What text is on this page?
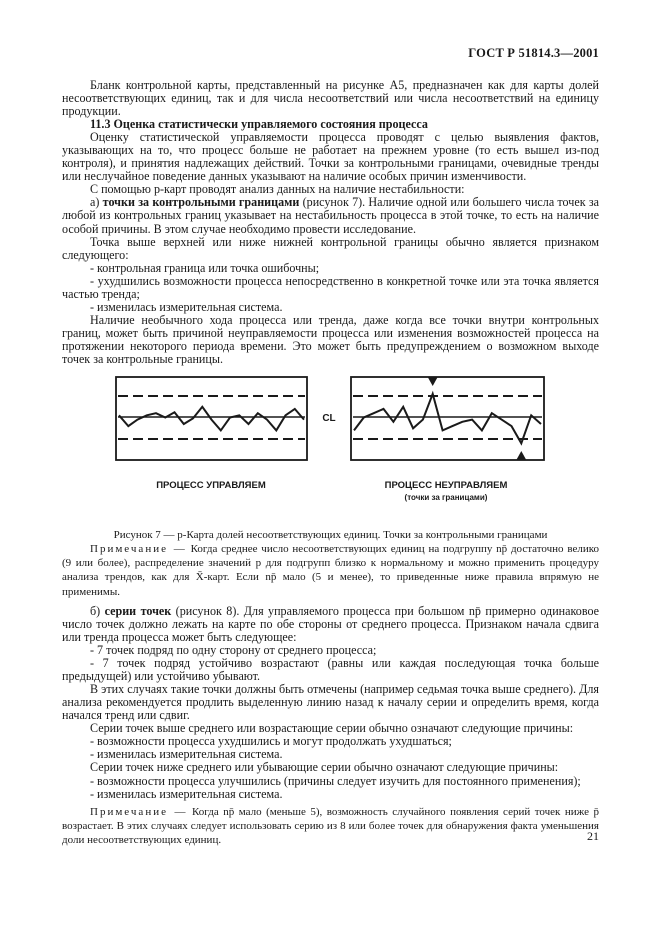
ГОСТ Р 51814.3—2001

Бланк контрольной карты, представленный на рисунке А5, предназначен как для карты долей несоответствующих единиц, так и для числа несоответствий или числа несоответствий на единицу продукции.

11.3 Оценка статистически управляемого состояния процесса

Оценку статистической управляемости процесса проводят с целью выявления фактов, указывающих на то, что процесс больше не работает на прежнем уровне (то есть вышел из-под контроля), и принятия надлежащих действий. Точки за контрольными границами, очевидные тренды или неслучайное поведение данных указывают на наличие особых причин изменчивости.

С помощью p-карт проводят анализ данных на наличие нестабильности:

а) точки за контрольными границами (рисунок 7). Наличие одной или большего числа точек за любой из контрольных границ указывает на нестабильность процесса в этой точке, то есть на наличие особой причины. В этом случае необходимо провести исследование.

Точка выше верхней или ниже нижней контрольной границы обычно является признаком следующего:

- контрольная граница или точка ошибочны;

- ухудшились возможности процесса непосредственно в конкретной точке или эта точка является частью тренда;

- изменилась измерительная система.

Наличие необычного хода процесса или тренда, даже когда все точки внутри контрольных границ, может быть причиной неуправляемости процесса или изменения возможностей процесса на протяжении некоторого периода времени. Это может быть предупреждением о возможном выходе точек за контрольные границы.

CL
ПРОЦЕСС УПРАВЛЯЕМ	ПРОЦЕСС НЕУПРАВЛЯЕМ
(точки за границами)

Рисунок 7 — p-Карта долей несоответствующих единиц. Точки за контрольными границами

Примечание — Когда среднее число несоответствующих единиц на подгруппу np̄ достаточно велико (9 или более), распределение значений p для подгрупп близко к нормальному и можно применить процедуру анализа трендов, как для X̄-карт. Если np̄ мало (5 и менее), то приведенные ниже правила впрямую не применимы.

б) серии точек (рисунок 8). Для управляемого процесса при большом np̄ примерно одинаковое число точек должно лежать на карте по обе стороны от среднего процесса. Признаком начала сдвига или тренда процесса может быть следующее:

- 7 точек подряд по одну сторону от среднего процесса;

- 7 точек подряд устойчиво возрастают (равны или каждая последующая точка больше предыдущей) или устойчиво убывают.

В этих случаях такие точки должны быть отмечены (например седьмая точка выше среднего). Для анализа рекомендуется продлить выделенную линию назад к началу серии и определить время, когда начался тренд или сдвиг.

Серии точек выше среднего или возрастающие серии обычно означают следующие причины:

- возможности процесса ухудшились и могут продолжать ухудшаться;

- изменилась измерительная система.

Серии точек ниже среднего или убывающие серии обычно означают следующие причины:

- возможности процесса улучшились (причины следует изучить для постоянного применения);

- изменилась измерительная система.

Примечание — Когда np̄ мало (меньше 5), возможность случайного появления серий точек ниже p̄ возрастает. В этих случаях следует использовать серию из 8 или более точек для обнаружения факта уменьшения доли несоответствующих единиц.	21
